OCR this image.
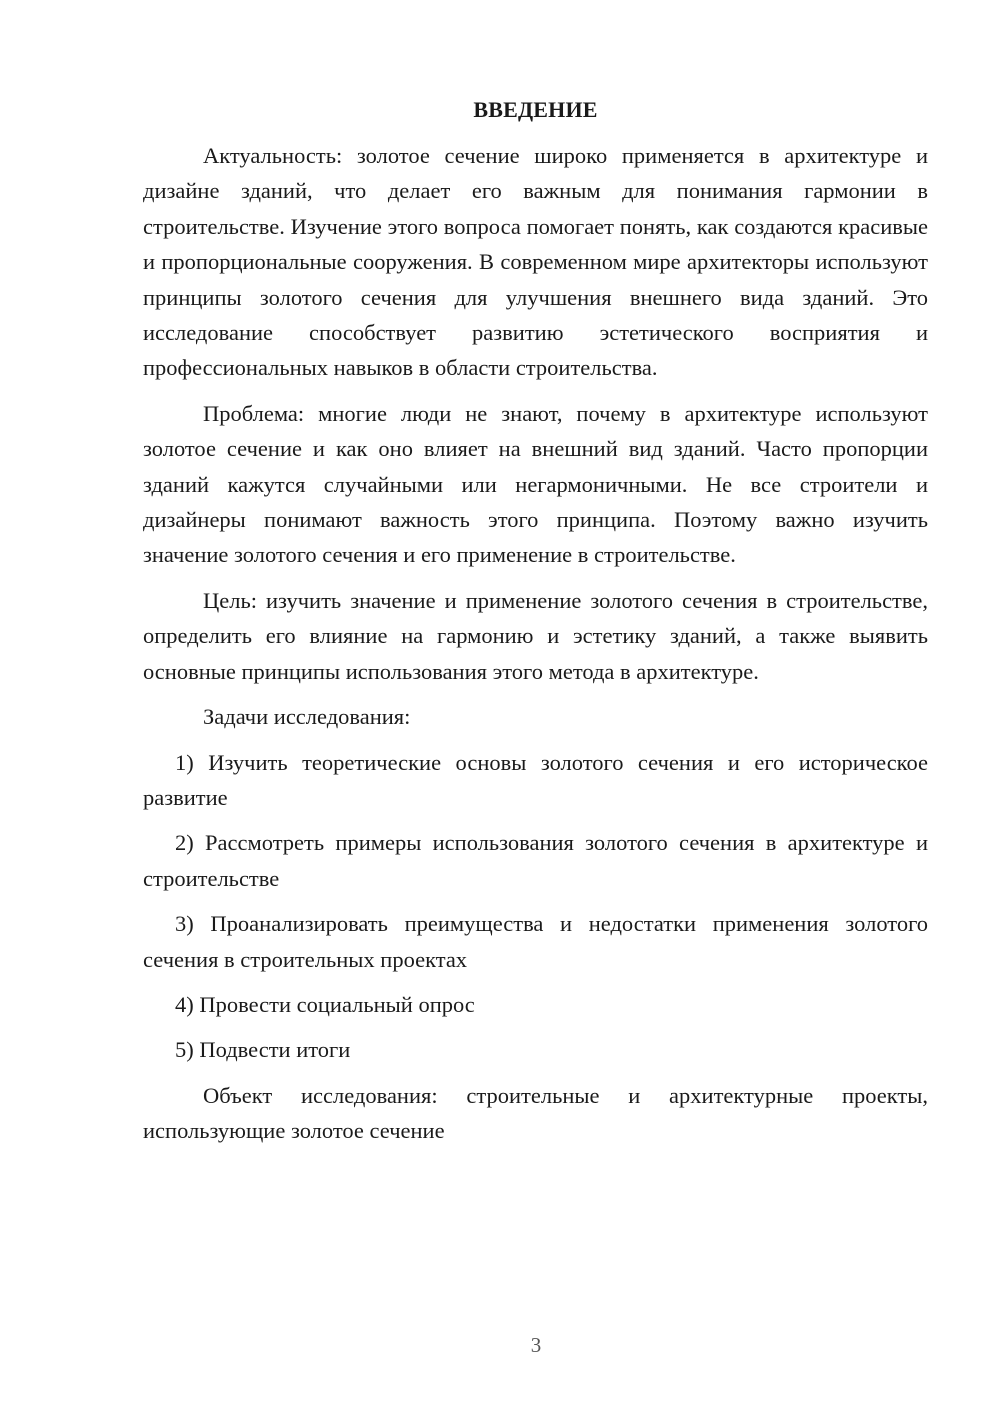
ВВЕДЕНИЕ

Актуальность: золотое сечение широко применяется в архитектуре и дизайне зданий, что делает его важным для понимания гармонии в строительстве. Изучение этого вопроса помогает понять, как создаются красивые и пропорциональные сооружения. В современном мире архитекторы используют принципы золотого сечения для улучшения внешнего вида зданий. Это исследование способствует развитию эстетического восприятия и профессиональных навыков в области строительства.

Проблема: многие люди не знают, почему в архитектуре используют золотое сечение и как оно влияет на внешний вид зданий. Часто пропорции зданий кажутся случайными или негармоничными. Не все строители и дизайнеры понимают важность этого принципа. Поэтому важно изучить значение золотого сечения и его применение в строительстве.

Цель: изучить значение и применение золотого сечения в строительстве, определить его влияние на гармонию и эстетику зданий, а также выявить основные принципы использования этого метода в архитектуре.

Задачи исследования:

1) Изучить теоретические основы золотого сечения и его историческое развитие

2) Рассмотреть примеры использования золотого сечения в архитектуре и строительстве

3) Проанализировать преимущества и недостатки применения золотого сечения в строительных проектах

4) Провести социальный опрос

5) Подвести итоги

Объект исследования: строительные и архитектурные проекты, использующие золотое сечение

3
